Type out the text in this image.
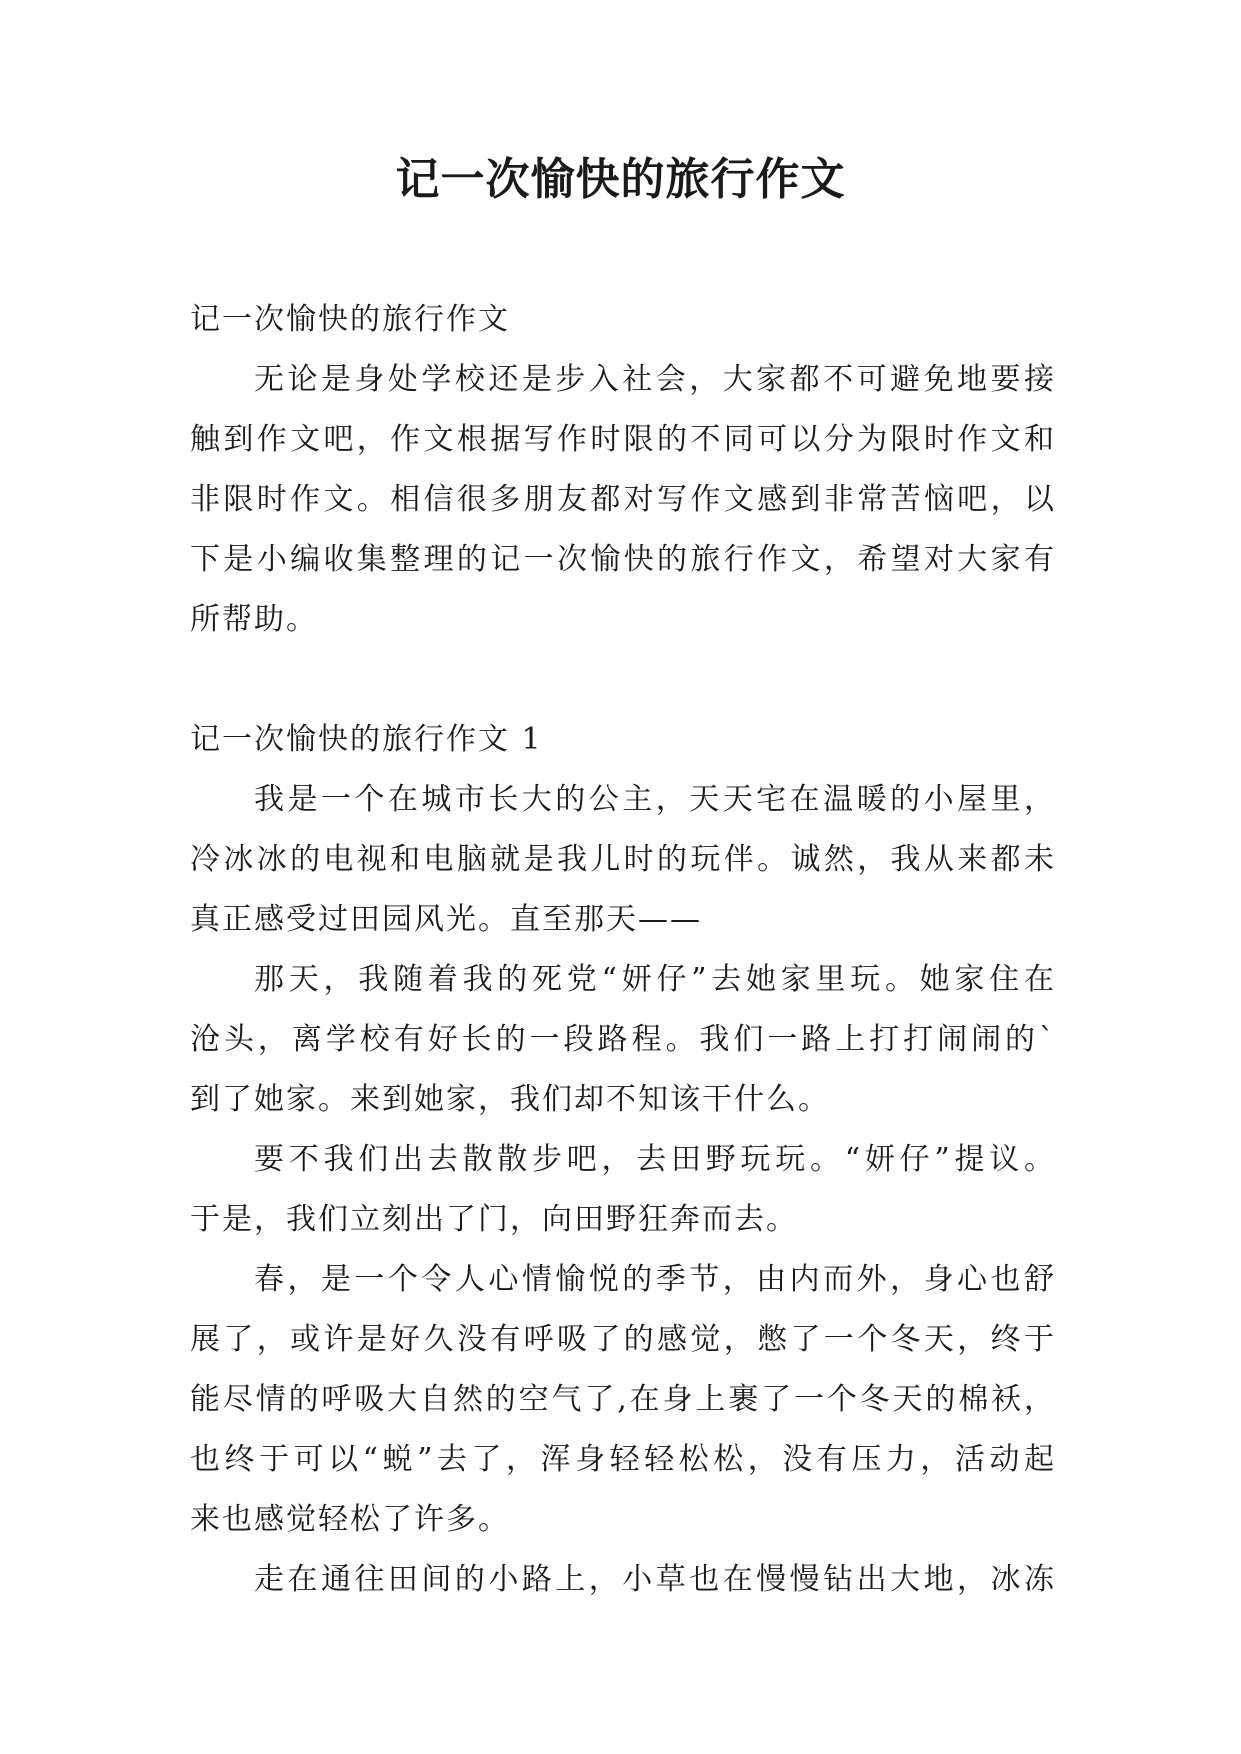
记一次愉快的旅行作文
记一次愉快的旅行作文
无论是身处学校还是步入社会，大家都不可避免地要接
触到作文吧，作文根据写作时限的不同可以分为限时作文和
非限时作文。相信很多朋友都对写作文感到非常苦恼吧，以
下是小编收集整理的记一次愉快的旅行作文，希望对大家有
所帮助。
记一次愉快的旅行作文 1
我是一个在城市长大的公主，天天宅在温暖的小屋里，
冷冰冰的电视和电脑就是我儿时的玩伴。诚然，我从来都未
真正感受过田园风光。直至那天——
那天，我随着我的死党“妍仔”去她家里玩。她家住在
沧头，离学校有好长的一段路程。我们一路上打打闹闹的`
到了她家。来到她家，我们却不知该干什么。
要不我们出去散散步吧，去田野玩玩。“妍仔”提议。
于是，我们立刻出了门，向田野狂奔而去。
春，是一个令人心情愉悦的季节，由内而外，身心也舒
展了，或许是好久没有呼吸了的感觉，憋了一个冬天，终于
能尽情的呼吸大自然的空气了,在身上裹了一个冬天的棉袄，
也终于可以“蜕”去了，浑身轻轻松松，没有压力，活动起
来也感觉轻松了许多。
走在通往田间的小路上，小草也在慢慢钻出大地，冰冻
